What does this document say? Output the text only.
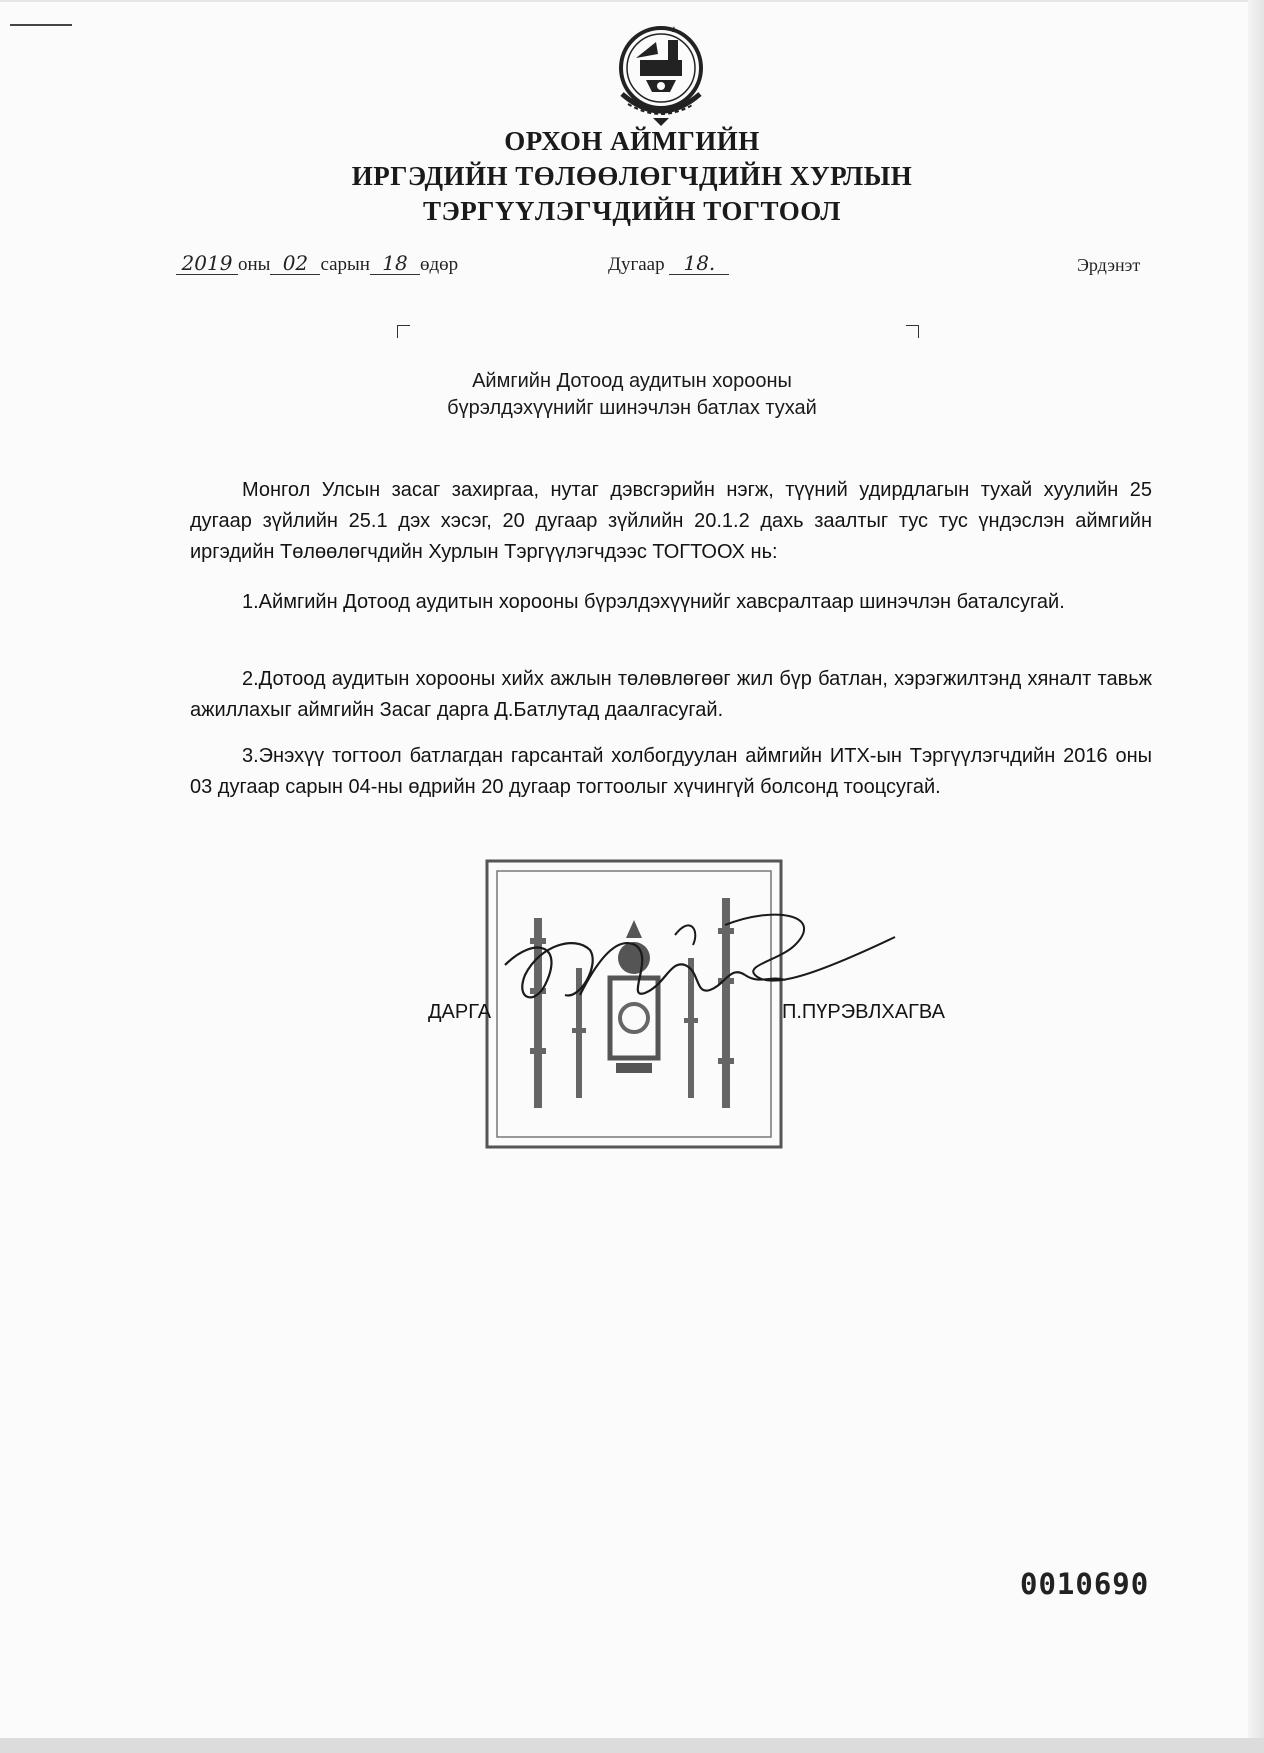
ОРХОН АЙМГИЙН
ИРГЭДИЙН ТӨЛӨӨЛӨГЧДИЙН ХУРЛЫН
ТЭРГҮҮЛЭГЧДИЙН ТОГТООЛ
2019 оны 02 сарын 18 өдөр	Дугаар 18.	Эрдэнэт
Аймгийн Дотоод аудитын хорооны
бүрэлдэхүүнийг шинэчлэн батлах тухай

Монгол Улсын засаг захиргаа, нутаг дэвсгэрийн нэгж, түүний удирдлагын тухай хуулийн 25 дугаар зүйлийн 25.1 дэх хэсэг, 20 дугаар зүйлийн 20.1.2 дахь заалтыг тус тус үндэслэн аймгийн иргэдийн Төлөөлөгчдийн Хурлын Тэргүүлэгчдээс ТОГТООХ нь:

1.Аймгийн Дотоод аудитын хорооны бүрэлдэхүүнийг хавсралтаар шинэчлэн баталсугай.

2.Дотоод аудитын хорооны хийх ажлын төлөвлөгөөг жил бүр батлан, хэрэгжилтэнд хяналт тавьж ажиллахыг аймгийн Засаг дарга Д.Батлутад даалгасугай.

3.Энэхүү тогтоол батлагдан гарсантай холбогдуулан аймгийн ИТХ-ын Тэргүүлэгчдийн 2016 оны 03 дугаар сарын 04-ны өдрийн 20 дугаар тогтоолыг хүчингүй болсонд тооцсугай.

ДАРГА	П.ПҮРЭВЛХАГВА
0010690
